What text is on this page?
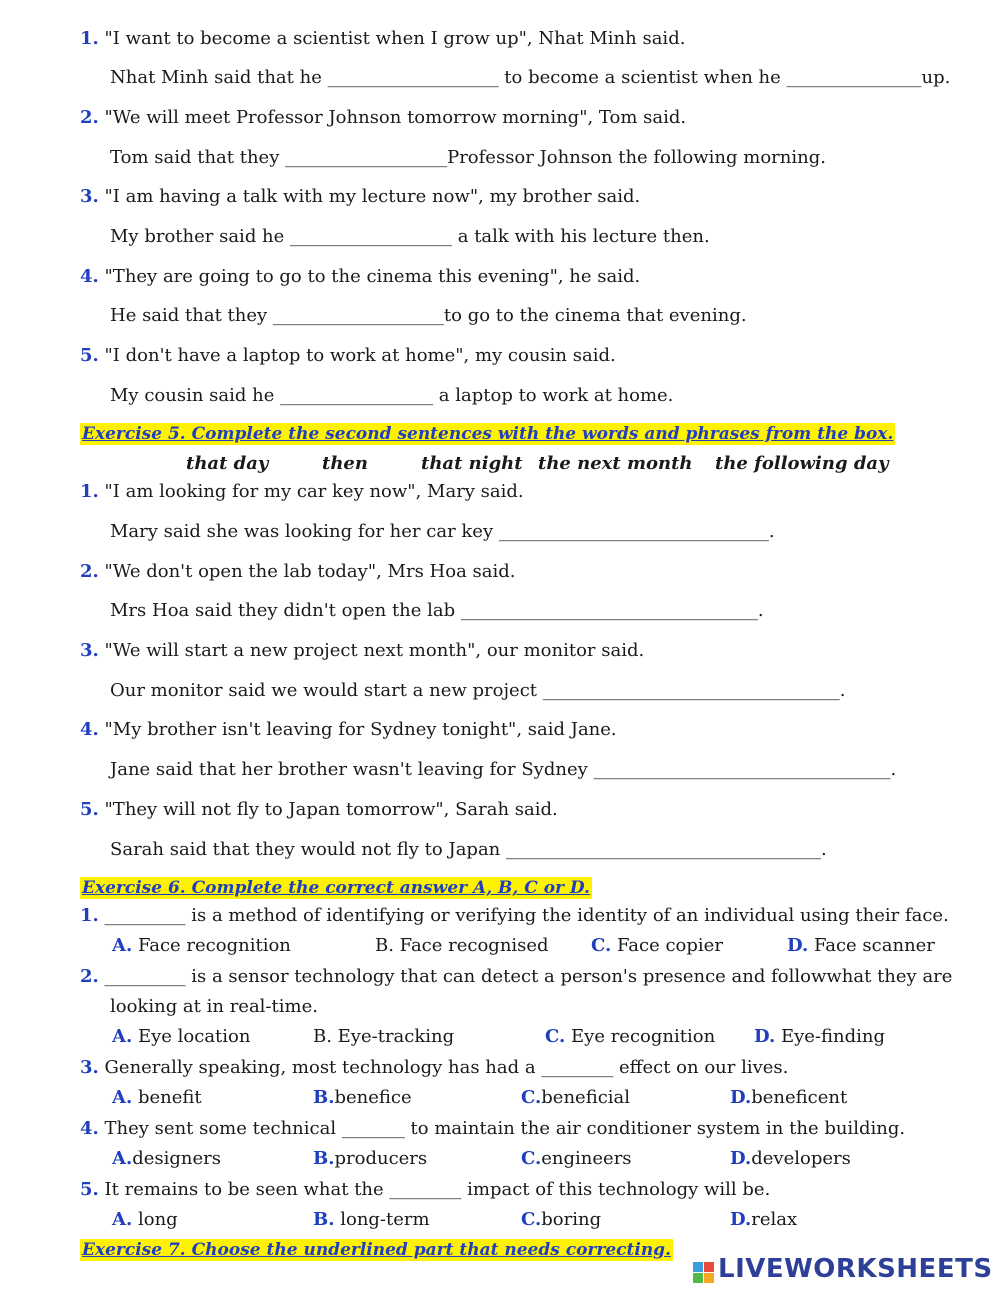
1. "I want to become a scientist when I grow up", Nhat Minh said.
Nhat Minh said that he ___________________ to become a scientist when he _______________up.
2. "We will meet Professor Johnson tomorrow morning", Tom said.
Tom said that they __________________Professor Johnson the following morning.
3. "I am having a talk with my lecture now", my brother said.
My brother said he __________________ a talk with his lecture then.
4. "They are going to go to the cinema this evening", he said.
He said that they ___________________to go to the cinema that evening.
5. "I don't have a laptop to work at home", my cousin said.
My cousin said he _________________ a laptop to work at home.
Exercise 5. Complete the second sentences with the words and phrases from the box.
that day	then	that night the next month the following day
1. "I am looking for my car key now", Mary said.
Mary said she was looking for her car key ______________________________.
2. "We don't open the lab today", Mrs Hoa said.
Mrs Hoa said they didn't open the lab _________________________________.
3. "We will start a new project next month", our monitor said.
Our monitor said we would start a new project _________________________________.
4. "My brother isn't leaving for Sydney tonight", said Jane.
Jane said that her brother wasn't leaving for Sydney _________________________________.
5. "They will not fly to Japan tomorrow", Sarah said.
Sarah said that they would not fly to Japan ___________________________________.
Exercise 6. Complete the correct answer A, B, C or D.
1. _________ is a method of identifying or verifying the identity of an individual using their face.
A. Face recognition	B. Face recognised C. Face copier	D. Face scanner
2. _________ is a sensor technology that can detect a person's presence and followwhat they are
looking at in real-time.
A. Eye location	B. Eye-tracking	C. Eye recognition D. Eye-finding
3. Generally speaking, most technology has had a ________ effect on our lives.
A. benefit	B.benefice	C.beneficial	D.beneficent
4. They sent some technical _______ to maintain the air conditioner system in the building.
A.designers	B.producers	C.engineers	D.developers
5. It remains to be seen what the ________ impact of this technology will be.
A. long	B. long-term	C.boring	D.relax
Exercise 7. Choose the underlined part that needs correcting.
LIVEWORKSHEETS
